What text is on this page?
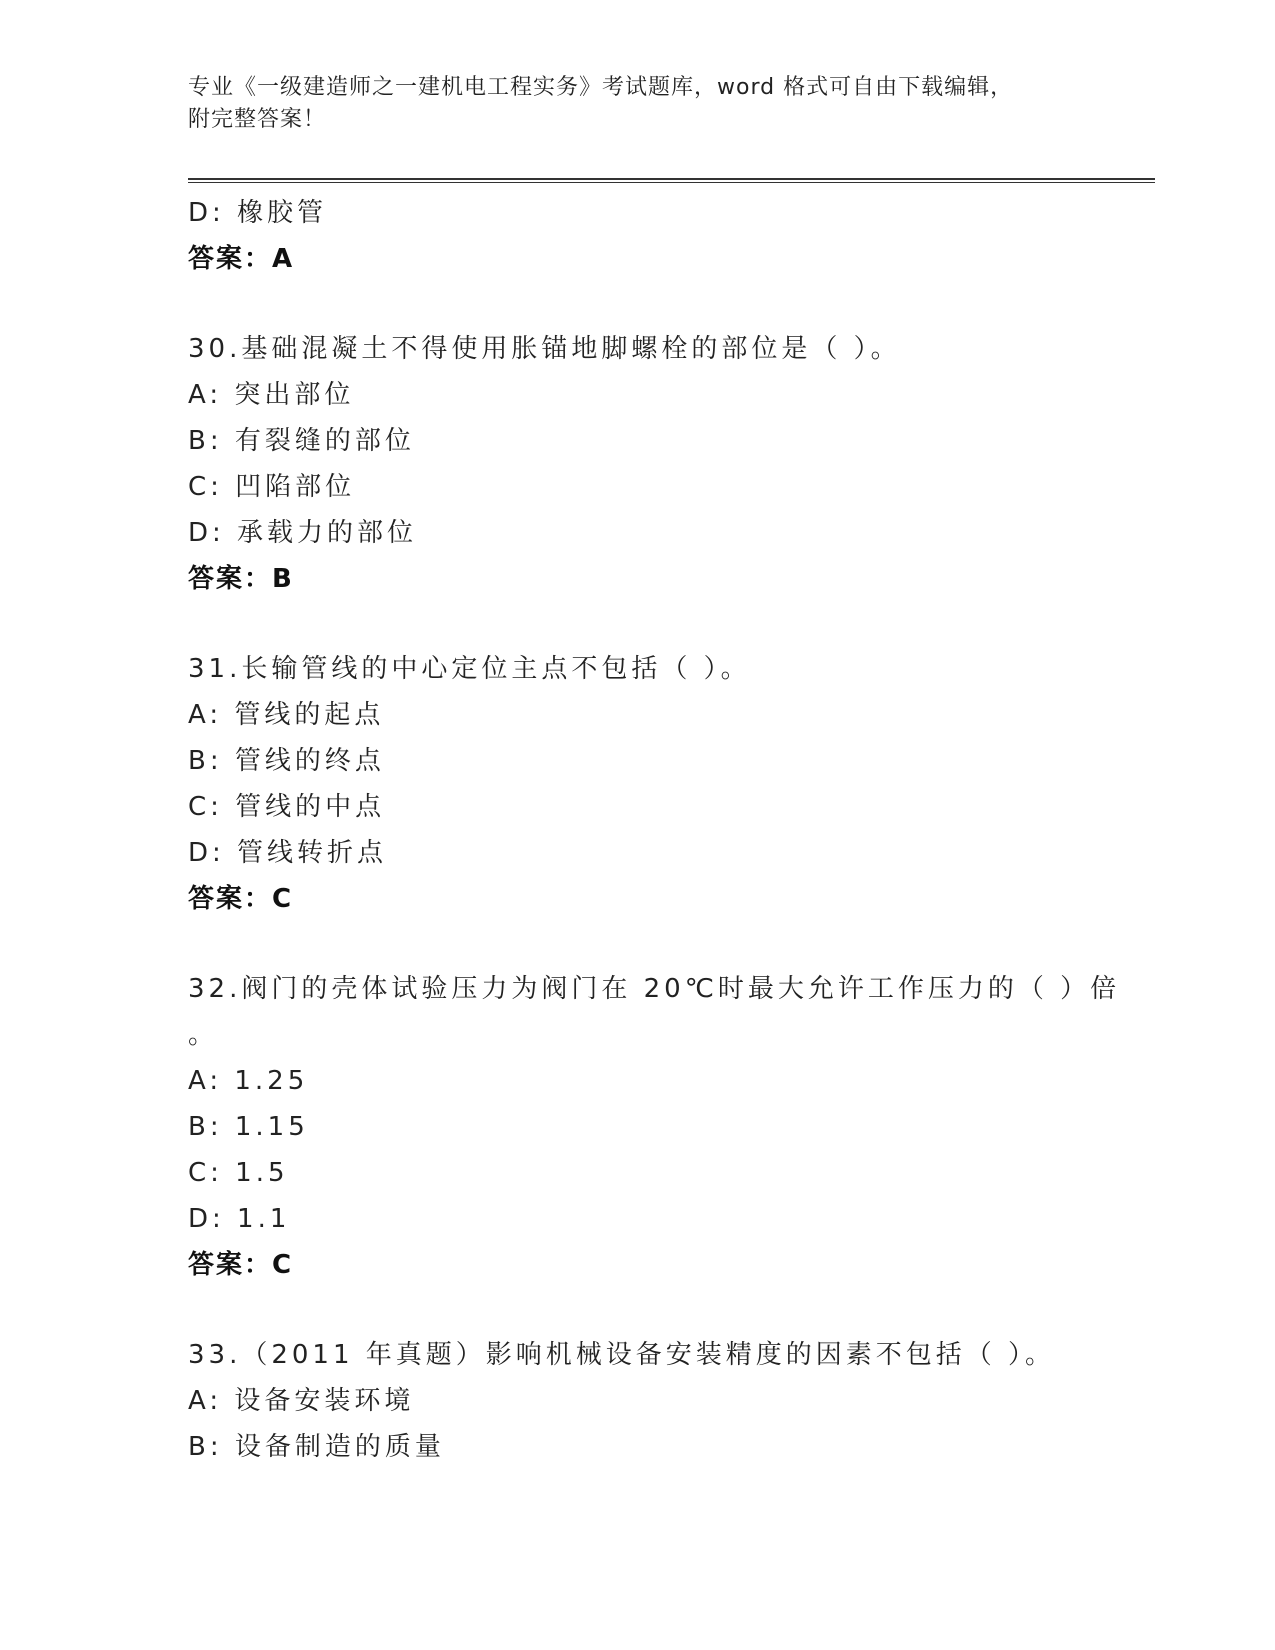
专业《一级建造师之一建机电工程实务》考试题库，word 格式可自由下载编辑，
附完整答案！
D: 橡胶管
答案：A
30.基础混凝土不得使用胀锚地脚螺栓的部位是（ ）。
A: 突出部位
B: 有裂缝的部位
C: 凹陷部位
D: 承载力的部位
答案：B
31.长输管线的中心定位主点不包括（ ）。
A: 管线的起点
B: 管线的终点
C: 管线的中点
D: 管线转折点
答案：C
32.阀门的壳体试验压力为阀门在 20℃时最大允许工作压力的（ ）倍
。
A: 1.25
B: 1.15
C: 1.5
D: 1.1
答案：C
33.（2011 年真题）影响机械设备安装精度的因素不包括（ ）。
A: 设备安装环境
B: 设备制造的质量
